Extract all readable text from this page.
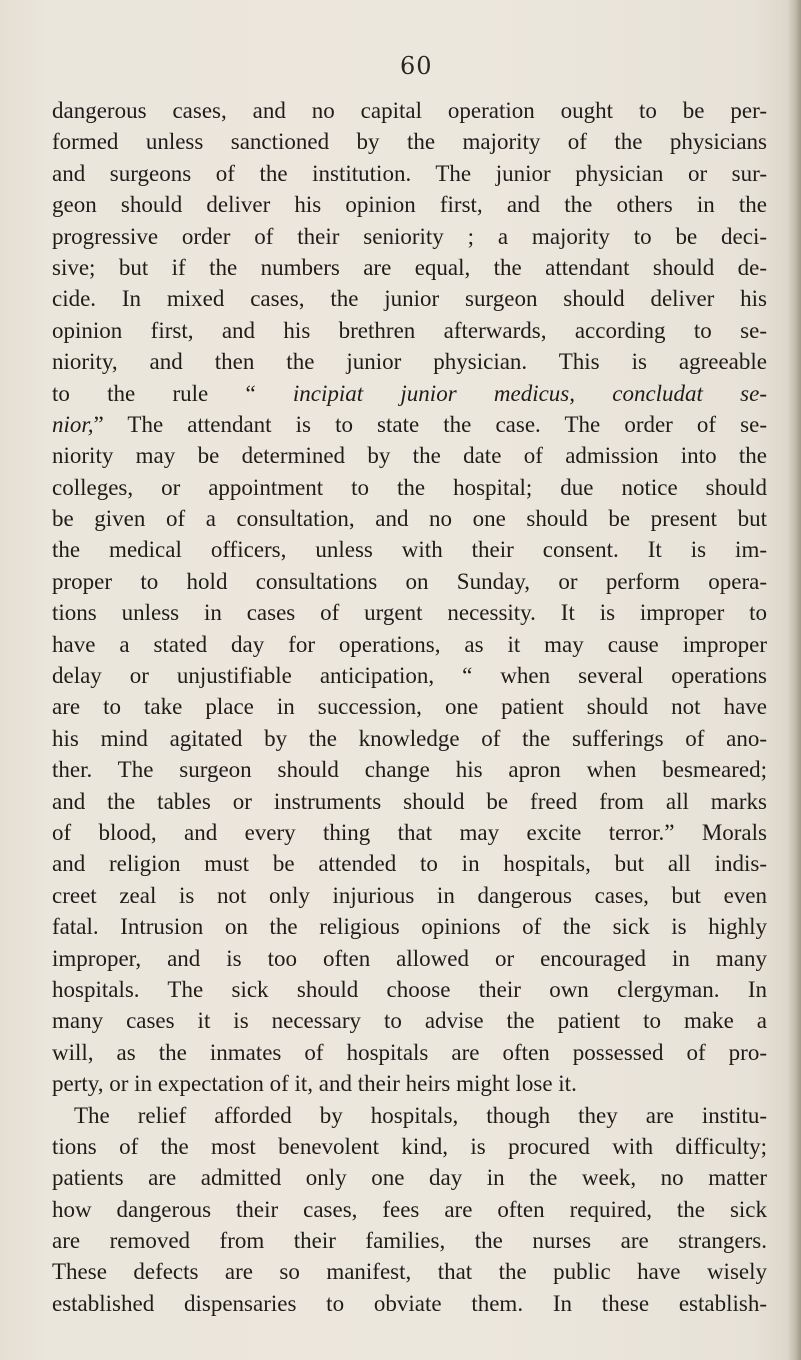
60
dangerous cases, and no capital operation ought to be per-
formed unless sanctioned by the majority of the physicians
and surgeons of the institution. The junior physician or sur-
geon should deliver his opinion first, and the others in the
progressive order of their seniority ; a majority to be deci-
sive; but if the numbers are equal, the attendant should de-
cide. In mixed cases, the junior surgeon should deliver his
opinion first, and his brethren afterwards, according to se-
niority, and then the junior physician. This is agreeable
to the rule “ incipiat junior medicus, concludat se-
nior,” The attendant is to state the case. The order of se-
niority may be determined by the date of admission into the
colleges, or appointment to the hospital; due notice should
be given of a consultation, and no one should be present but
the medical officers, unless with their consent. It is im-
proper to hold consultations on Sunday, or perform opera-
tions unless in cases of urgent necessity. It is improper to
have a stated day for operations, as it may cause improper
delay or unjustifiable anticipation, “ when several operations
are to take place in succession, one patient should not have
his mind agitated by the knowledge of the sufferings of ano-
ther. The surgeon should change his apron when besmeared;
and the tables or instruments should be freed from all marks
of blood, and every thing that may excite terror.” Morals
and religion must be attended to in hospitals, but all indis-
creet zeal is not only injurious in dangerous cases, but even
fatal. Intrusion on the religious opinions of the sick is highly
improper, and is too often allowed or encouraged in many
hospitals. The sick should choose their own clergyman. In
many cases it is necessary to advise the patient to make a
will, as the inmates of hospitals are often possessed of pro-
perty, or in expectation of it, and their heirs might lose it.
The relief afforded by hospitals, though they are institu-
tions of the most benevolent kind, is procured with difficulty;
patients are admitted only one day in the week, no matter
how dangerous their cases, fees are often required, the sick
are removed from their families, the nurses are strangers.
These defects are so manifest, that the public have wisely
established dispensaries to obviate them. In these establish-
